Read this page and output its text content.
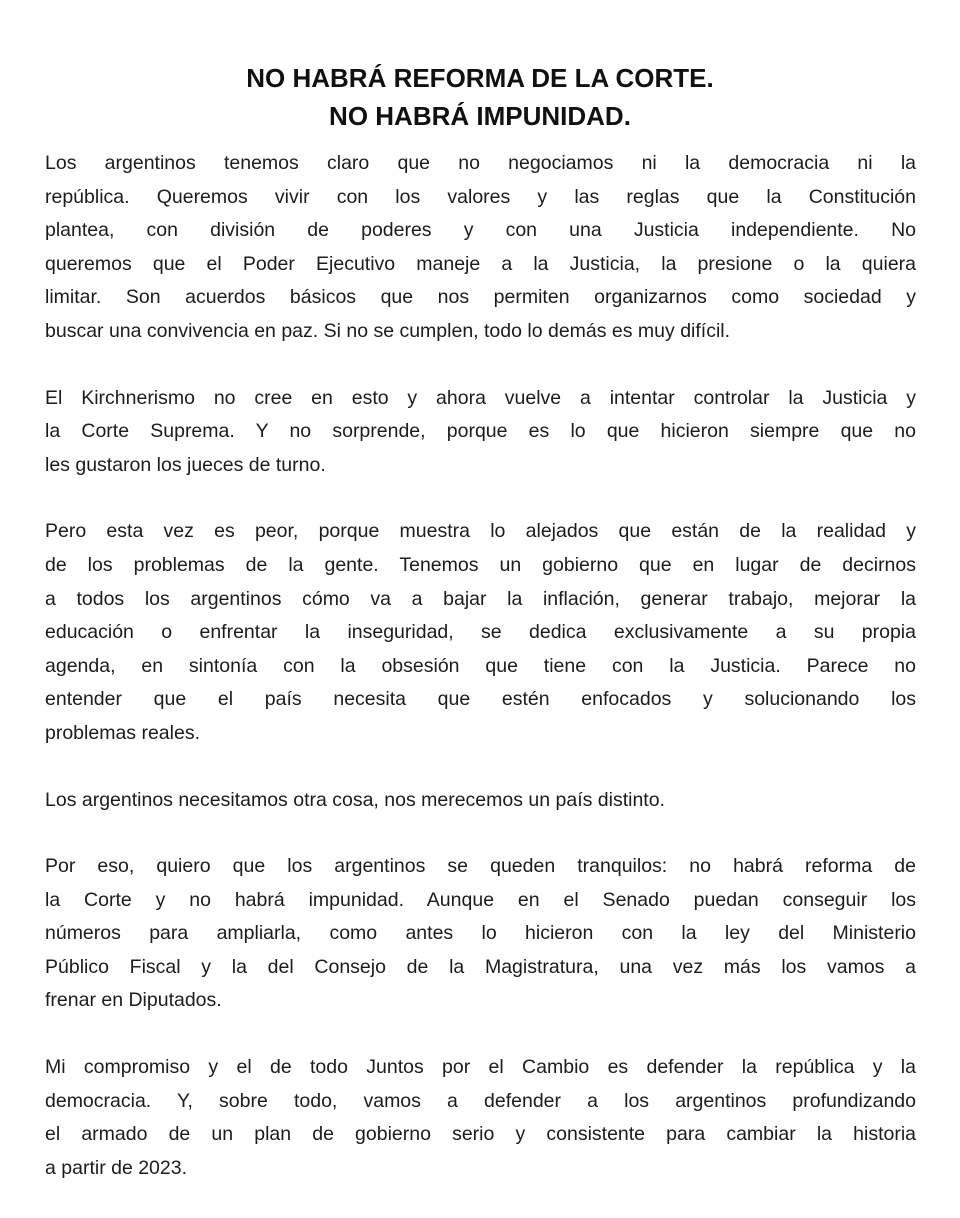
NO HABRÁ REFORMA DE LA CORTE.
NO HABRÁ IMPUNIDAD.
Los argentinos tenemos claro que no negociamos ni la democracia ni la
república. Queremos vivir con los valores y las reglas que la Constitución
plantea, con división de poderes y con una Justicia independiente. No
queremos que el Poder Ejecutivo maneje a la Justicia, la presione o la quiera
limitar. Son acuerdos básicos que nos permiten organizarnos como sociedad y
buscar una convivencia en paz. Si no se cumplen, todo lo demás es muy difícil.
El Kirchnerismo no cree en esto y ahora vuelve a intentar controlar la Justicia y
la Corte Suprema. Y no sorprende, porque es lo que hicieron siempre que no
les gustaron los jueces de turno.
Pero esta vez es peor, porque muestra lo alejados que están de la realidad y
de los problemas de la gente. Tenemos un gobierno que en lugar de decirnos
a todos los argentinos cómo va a bajar la inflación, generar trabajo, mejorar la
educación o enfrentar la inseguridad, se dedica exclusivamente a su propia
agenda, en sintonía con la obsesión que tiene con la Justicia. Parece no
entender que el país necesita que estén enfocados y solucionando los
problemas reales.
Los argentinos necesitamos otra cosa, nos merecemos un país distinto.
Por eso, quiero que los argentinos se queden tranquilos: no habrá reforma de
la Corte y no habrá impunidad. Aunque en el Senado puedan conseguir los
números para ampliarla, como antes lo hicieron con la ley del Ministerio
Público Fiscal y la del Consejo de la Magistratura, una vez más los vamos a
frenar en Diputados.
Mi compromiso y el de todo Juntos por el Cambio es defender la república y la
democracia. Y, sobre todo, vamos a defender a los argentinos profundizando
el armado de un plan de gobierno serio y consistente para cambiar la historia
a partir de 2023.
